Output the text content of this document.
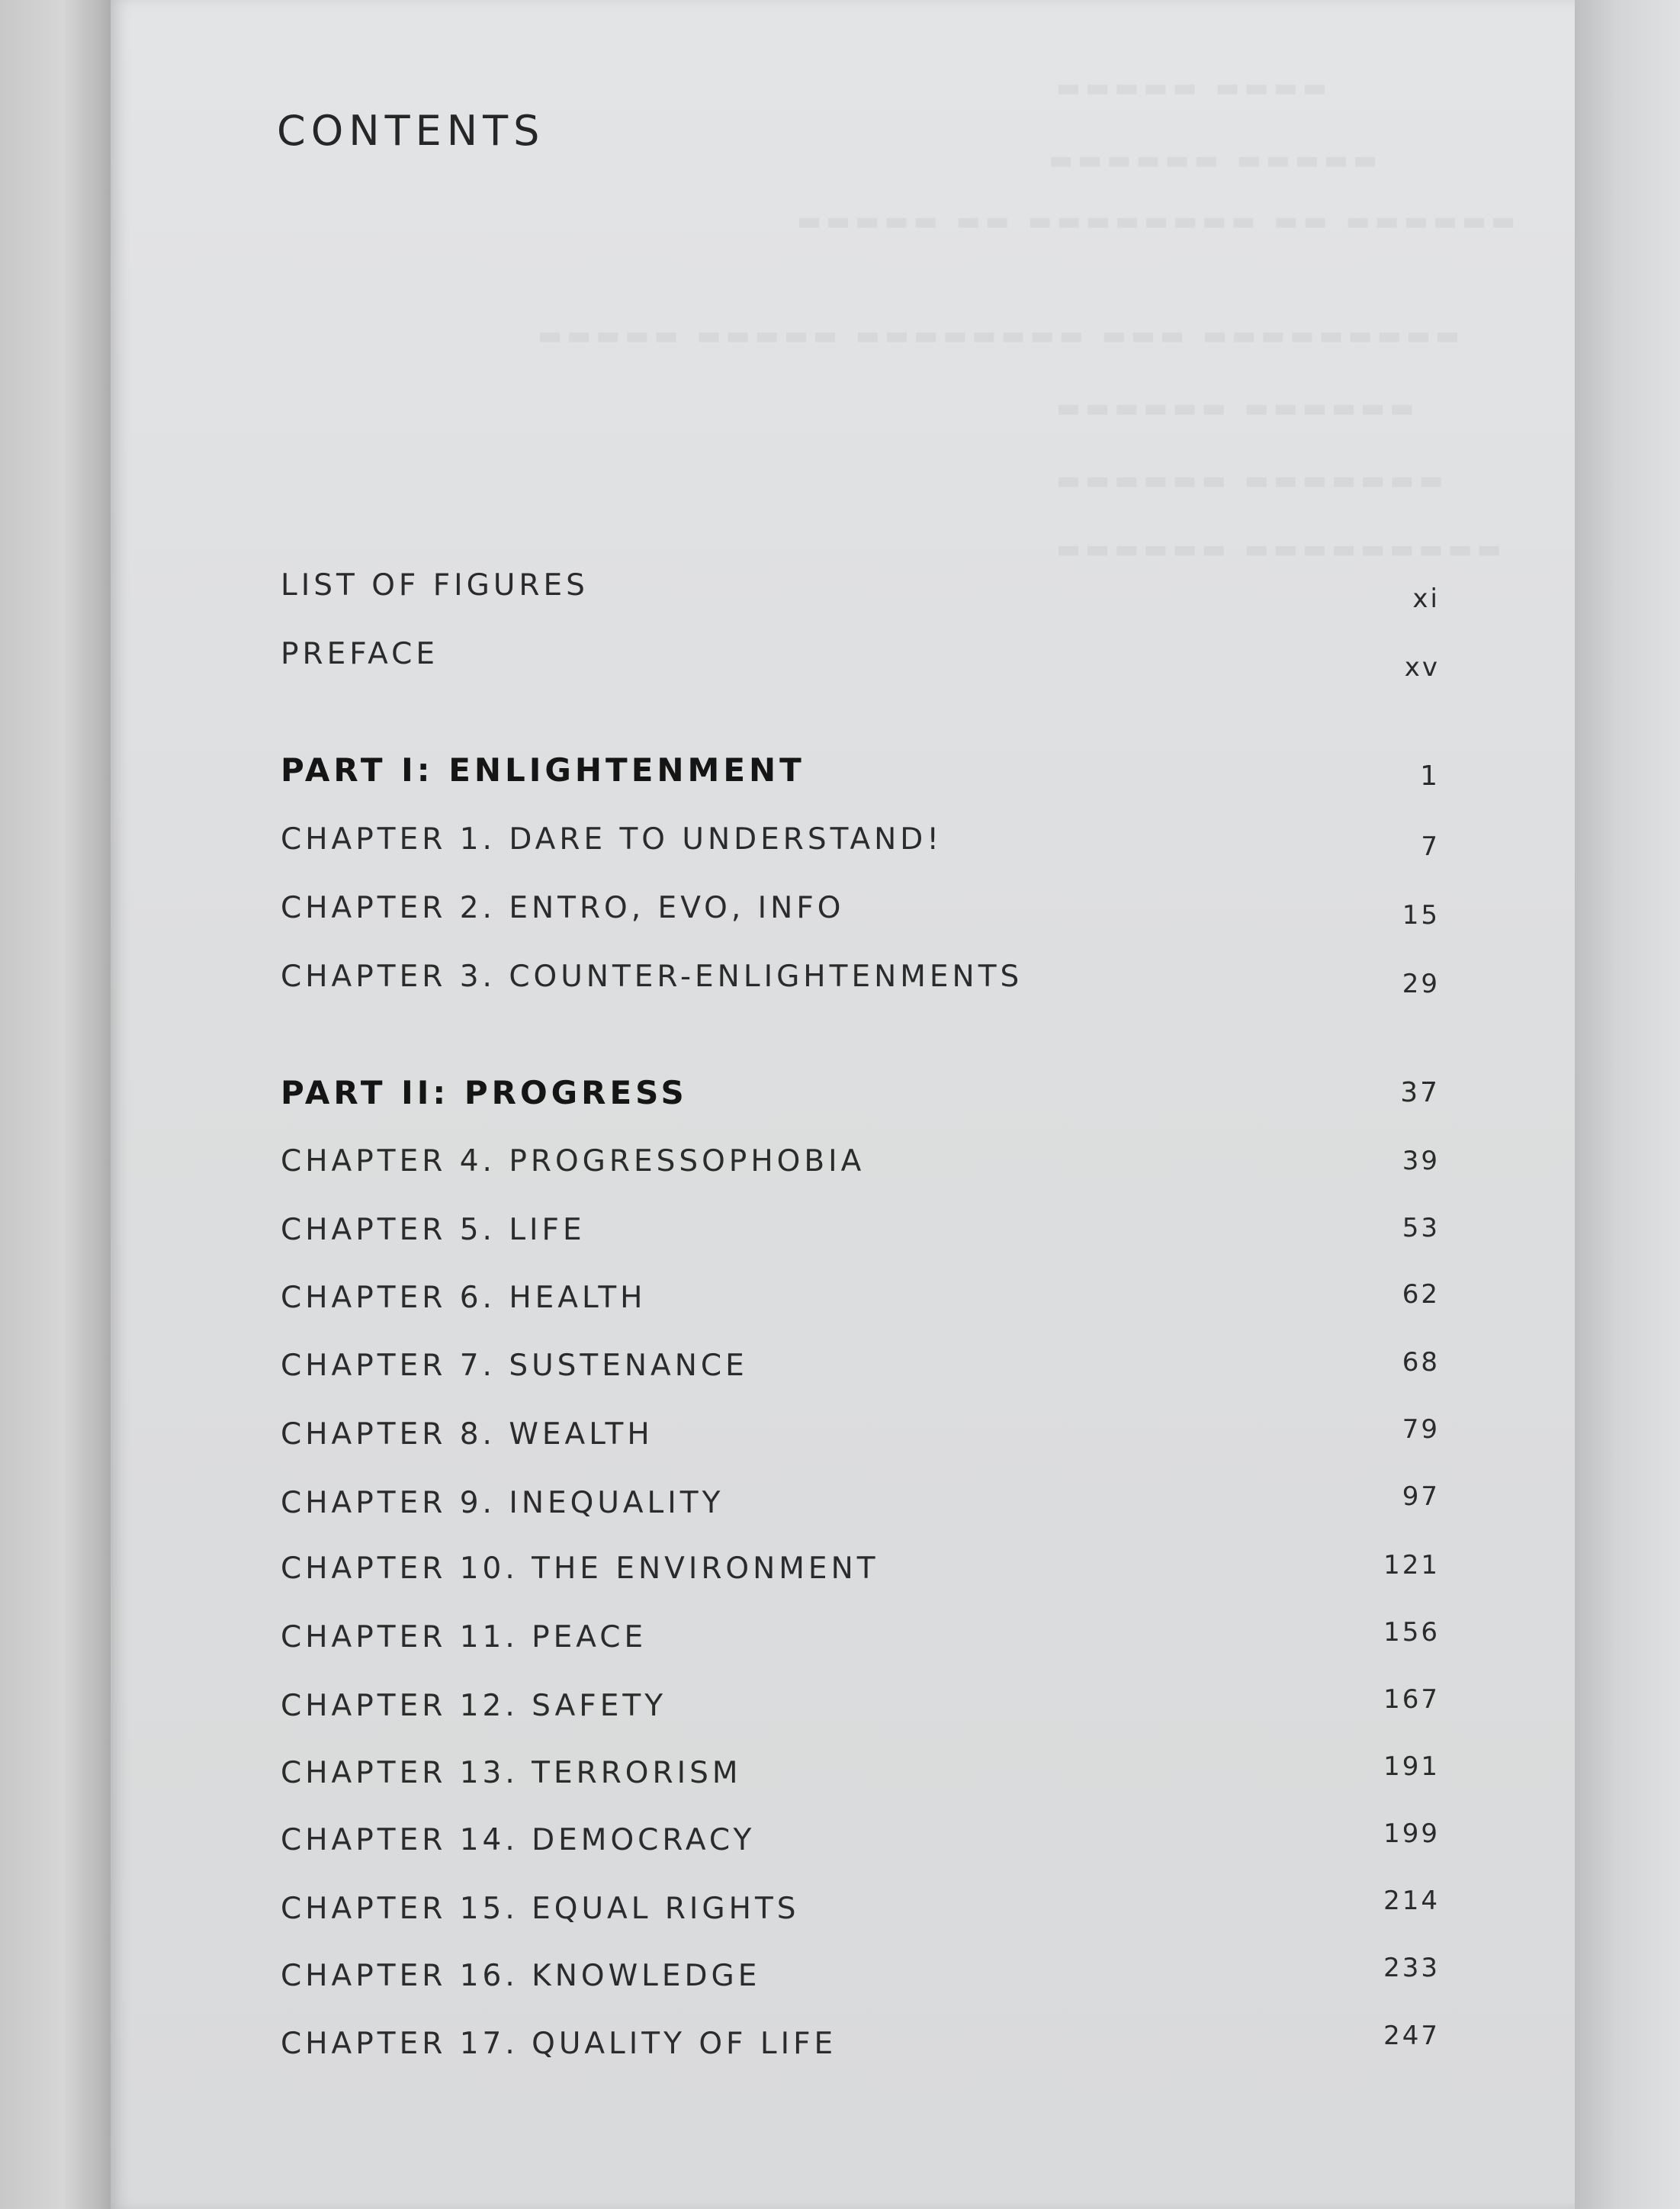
▬▬▬▬▬ ▬▬▬▬
▬▬▬▬▬▬ ▬▬▬▬▬
▬▬▬▬▬ ▬▬ ▬▬▬▬▬▬▬▬ ▬▬ ▬▬▬▬▬▬
▬▬▬▬▬ ▬▬▬▬▬ ▬▬▬▬▬▬▬▬ ▬▬▬ ▬▬▬▬▬▬▬▬▬
▬▬▬▬▬▬ ▬▬▬▬▬▬
▬▬▬▬▬▬ ▬▬▬▬▬▬▬
▬▬▬▬▬▬ ▬▬▬▬▬▬▬▬▬
CONTENTS
LIST OF FIGURES	xi
PREFACE	xv
PART I: ENLIGHTENMENT	1
CHAPTER 1. DARE TO UNDERSTAND!	7
CHAPTER 2. ENTRO, EVO, INFO	15
CHAPTER 3. COUNTER-ENLIGHTENMENTS	29
PART II: PROGRESS	37
CHAPTER 4. PROGRESSOPHOBIA	39
CHAPTER 5. LIFE	53
CHAPTER 6. HEALTH	62
CHAPTER 7. SUSTENANCE	68
CHAPTER 8. WEALTH	79
CHAPTER 9. INEQUALITY	97
CHAPTER 10. THE ENVIRONMENT	121
CHAPTER 11. PEACE	156
CHAPTER 12. SAFETY	167
CHAPTER 13. TERRORISM	191
CHAPTER 14. DEMOCRACY	199
CHAPTER 15. EQUAL RIGHTS	214
CHAPTER 16. KNOWLEDGE	233
CHAPTER 17. QUALITY OF LIFE	247
